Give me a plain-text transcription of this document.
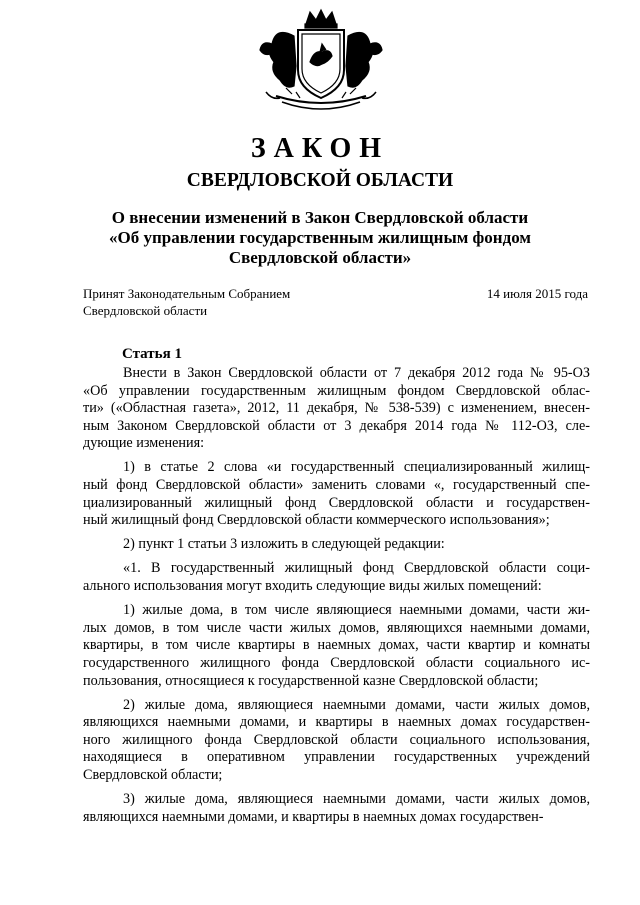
ЗАКОН
СВЕРДЛОВСКОЙ ОБЛАСТИ
О внесении изменений в Закон Свердловской области
«Об управлении государственным жилищным фондом
Свердловской области»
Принят Законодательным Собранием
Свердловской области
14 июля 2015 года
Статья 1
Внести в Закон Свердловской области от 7 декабря 2012 года № 95-ОЗ
«Об управлении государственным жилищным фондом Свердловской облас-
ти» («Областная газета», 2012, 11 декабря, № 538-539) с изменением, внесен-
ным Законом Свердловской области от 3 декабря 2014 года № 112-ОЗ, сле-
дующие изменения:
1) в статье 2 слова «и государственный специализированный жилищ-
ный фонд Свердловской области» заменить словами «, государственный спе-
циализированный жилищный фонд Свердловской области и государствен-
ный жилищный фонд Свердловской области коммерческого использования»;
2) пункт 1 статьи 3 изложить в следующей редакции:
«1. В государственный жилищный фонд Свердловской области соци-
ального использования могут входить следующие виды жилых помещений:
1) жилые дома, в том числе являющиеся наемными домами, части жи-
лых домов, в том числе части жилых домов, являющихся наемными домами,
квартиры, в том числе квартиры в наемных домах, части квартир и комнаты
государственного жилищного фонда Свердловской области социального ис-
пользования, относящиеся к государственной казне Свердловской области;
2) жилые дома, являющиеся наемными домами, части жилых домов,
являющихся наемными домами, и квартиры в наемных домах государствен-
ного жилищного фонда Свердловской области социального использования,
находящиеся в оперативном управлении государственных учреждений
Свердловской области;
3) жилые дома, являющиеся наемными домами, части жилых домов,
являющихся наемными домами, и квартиры в наемных домах государствен-
